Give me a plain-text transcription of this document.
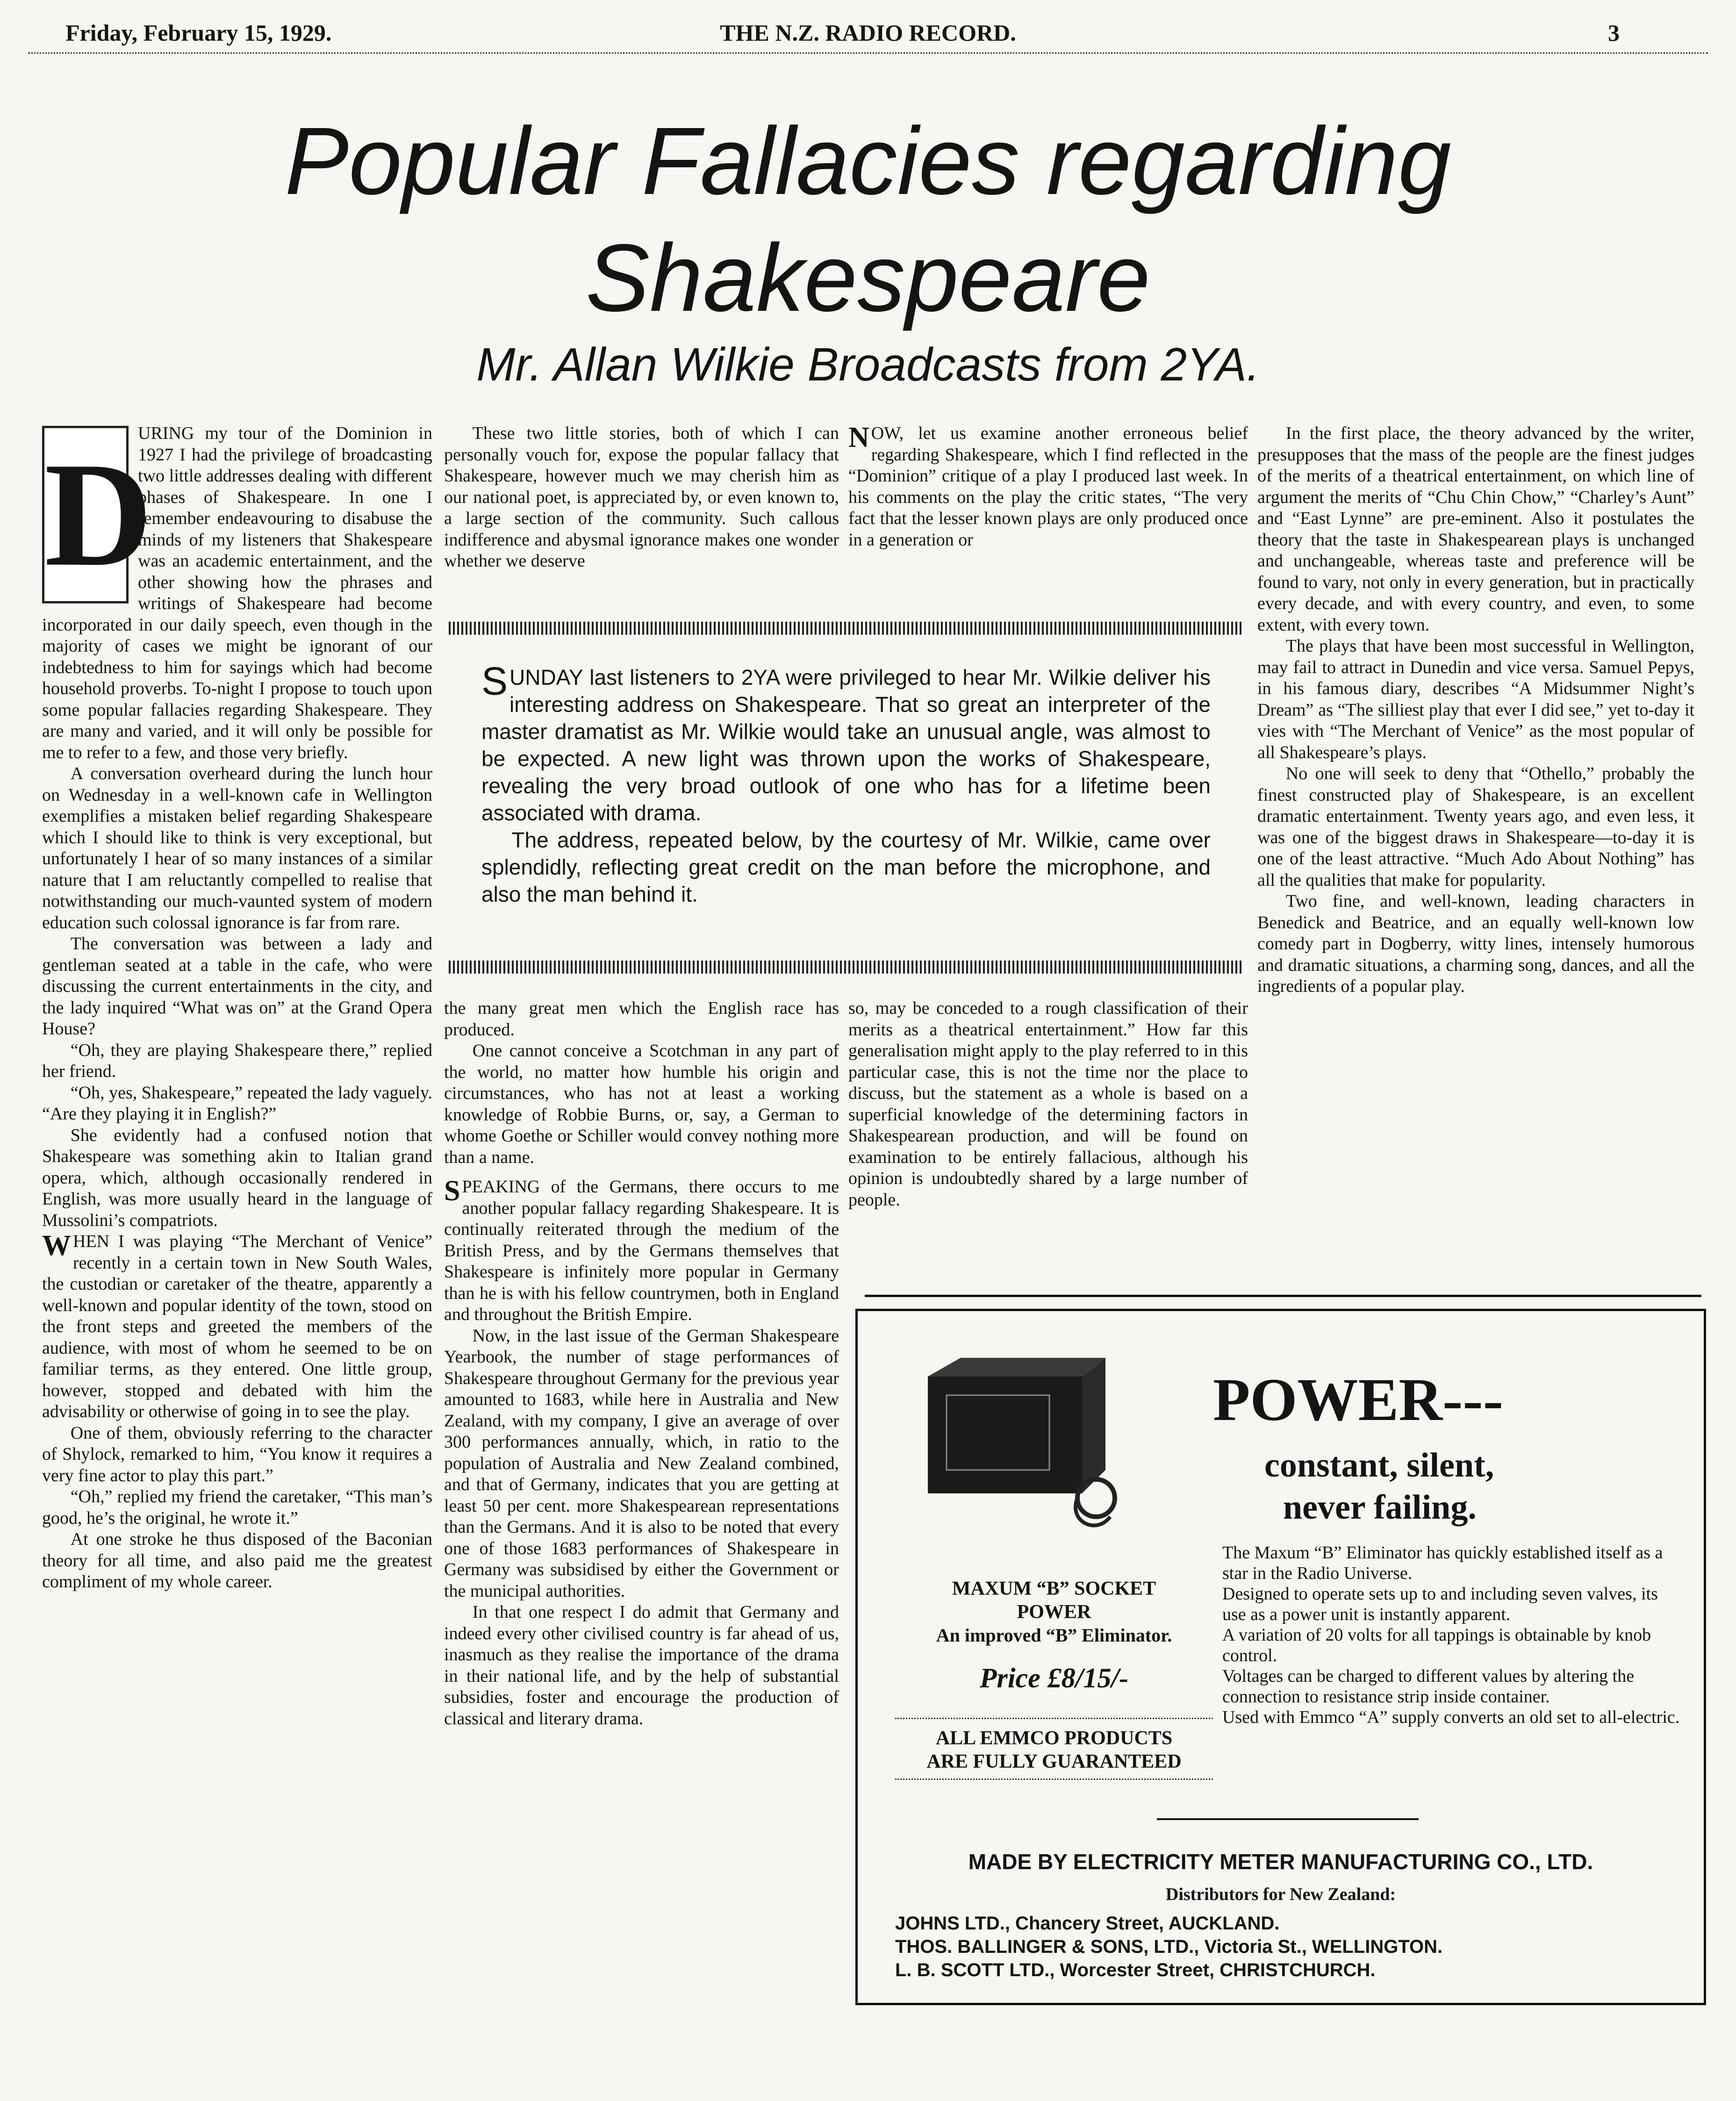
Friday, February 15, 1929.	THE N.Z. RADIO RECORD.	3
Popular Fallacies regarding
Shakespeare
Mr. Allan Wilkie Broadcasts from 2YA.

D
URING my tour of the Dominion in 1927 I had the privilege of broadcasting two little addresses dealing with different phases of Shakespeare. In one I remember endeavouring to disabuse the minds of my listeners that Shakespeare was an academic entertainment, and the other showing how the phrases and writings of Shakespeare had become incorporated in our daily speech, even though in the majority of cases we might be ignorant of our indebtedness to him for sayings which had become household proverbs. To-night I propose to touch upon some popular fallacies regarding Shakespeare. They are many and varied, and it will only be possible for me to refer to a few, and those very briefly.

A conversation overheard during the lunch hour on Wednesday in a well-known cafe in Wellington exemplifies a mistaken belief regarding Shakespeare which I should like to think is very exceptional, but unfortunately I hear of so many instances of a similar nature that I am reluctantly compelled to realise that notwithstanding our much-vaunted system of modern education such colossal ignorance is far from rare.

The conversation was between a lady and gentleman seated at a table in the cafe, who were discussing the current entertainments in the city, and the lady inquired “What was on” at the Grand Opera House?

“Oh, they are playing Shakespeare there,” replied her friend.

“Oh, yes, Shakespeare,” repeated the lady vaguely. “Are they playing it in English?”

She evidently had a confused notion that Shakespeare was something akin to Italian grand opera, which, although occasionally rendered in English, was more usually heard in the language of Mussolini’s compatriots.

WHEN I was playing “The Merchant of Venice” recently in a certain town in New South Wales, the custodian or caretaker of the theatre, apparently a well-known and popular identity of the town, stood on the front steps and greeted the members of the audience, with most of whom he seemed to be on familiar terms, as they entered. One little group, however, stopped and debated with him the advisability or otherwise of going in to see the play.

One of them, obviously referring to the character of Shylock, remarked to him, “You know it requires a very fine actor to play this part.”

“Oh,” replied my friend the caretaker, “This man’s good, he’s the original, he wrote it.”

At one stroke he thus disposed of the Baconian theory for all time, and also paid me the greatest compliment of my whole career.

These two little stories, both of which I can personally vouch for, expose the popular fallacy that Shakespeare, however much we may cherish him as our national poet, is appreciated by, or even known to, a large section of the community. Such callous indifference and abysmal ignorance makes one wonder whether we deserve

NOW, let us examine another erroneous belief regarding Shakespeare, which I find reflected in the “Dominion” critique of a play I produced last week. In his comments on the play the critic states, “The very fact that the lesser known plays are only produced once in a generation or

In the first place, the theory advanced by the writer, presupposes that the mass of the people are the finest judges of the merits of a theatrical entertainment, on which line of argument the merits of “Chu Chin Chow,” “Charley’s Aunt” and “East Lynne” are pre-eminent. Also it postulates the theory that the taste in Shakespearean plays is unchanged and unchangeable, whereas taste and preference will be found to vary, not only in every generation, but in practically every decade, and with every country, and even, to some extent, with every town.

The plays that have been most successful in Wellington, may fail to attract in Dunedin and vice versa. Samuel Pepys, in his famous diary, describes “A Midsummer Night’s Dream” as “The silliest play that ever I did see,” yet to-day it vies with “The Merchant of Venice” as the most popular of all Shakespeare’s plays.

No one will seek to deny that “Othello,” probably the finest constructed play of Shakespeare, is an excellent dramatic entertainment. Twenty years ago, and even less, it was one of the biggest draws in Shakespeare—to-day it is one of the least attractive. “Much Ado About Nothing” has all the qualities that make for popularity.

Two fine, and well-known, leading characters in Benedick and Beatrice, and an equally well-known low comedy part in Dogberry, witty lines, intensely humorous and dramatic situations, a charming song, dances, and all the ingredients of a popular play.

SUNDAY last listeners to 2YA were privileged to hear Mr. Wilkie deliver his interesting address on Shakespeare. That so great an interpreter of the master dramatist as Mr. Wilkie would take an unusual angle, was almost to be expected. A new light was thrown upon the works of Shakespeare, revealing the very broad outlook of one who has for a lifetime been associated with drama.

The address, repeated below, by the courtesy of Mr. Wilkie, came over splendidly, reflecting great credit on the man before the microphone, and also the man behind it.

the many great men which the English race has produced.

One cannot conceive a Scotchman in any part of the world, no matter how humble his origin and circumstances, who has not at least a working knowledge of Robbie Burns, or, say, a German to whome Goethe or Schiller would convey nothing more than a name.

SPEAKING of the Germans, there occurs to me another popular fallacy regarding Shakespeare. It is continually reiterated through the medium of the British Press, and by the Germans themselves that Shakespeare is infinitely more popular in Germany than he is with his fellow countrymen, both in England and throughout the British Empire.

Now, in the last issue of the German Shakespeare Yearbook, the number of stage performances of Shakespeare throughout Germany for the previous year amounted to 1683, while here in Australia and New Zealand, with my company, I give an average of over 300 performances annually, which, in ratio to the population of Australia and New Zealand combined, and that of Germany, indicates that you are getting at least 50 per cent. more Shakespearean representations than the Germans. And it is also to be noted that every one of those 1683 performances of Shakespeare in Germany was subsidised by either the Government or the municipal authorities.

In that one respect I do admit that Germany and indeed every other civilised country is far ahead of us, inasmuch as they realise the importance of the drama in their national life, and by the help of substantial subsidies, foster and encourage the production of classical and literary drama.

so, may be conceded to a rough classification of their merits as a theatrical entertainment.” How far this generalisation might apply to the play referred to in this particular case, this is not the time nor the place to discuss, but the statement as a whole is based on a superficial knowledge of the determining factors in Shakespearean production, and will be found on examination to be entirely fallacious, although his opinion is undoubtedly shared by a large number of people.

POWER---
constant, silent,
never failing.
MAXUM “B” SOCKET
POWER
An improved “B” Eliminator.
Price £8/15/-
ALL EMMCO PRODUCTS
ARE FULLY GUARANTEED
The Maxum “B” Eliminator has quickly established itself as a star in the Radio Universe.
Designed to operate sets up to and including seven valves, its use as a power unit is instantly apparent.
A variation of 20 volts for all tappings is obtainable by knob control.
Voltages can be charged to different values by altering the connection to resistance strip inside container.
Used with Emmco “A” supply converts an old set to all-electric.
MADE BY ELECTRICITY METER MANUFACTURING CO., LTD.
Distributors for New Zealand:
JOHNS LTD., Chancery Street, AUCKLAND.
THOS. BALLINGER & SONS, LTD., Victoria St., WELLINGTON.
L. B. SCOTT LTD., Worcester Street, CHRISTCHURCH.
